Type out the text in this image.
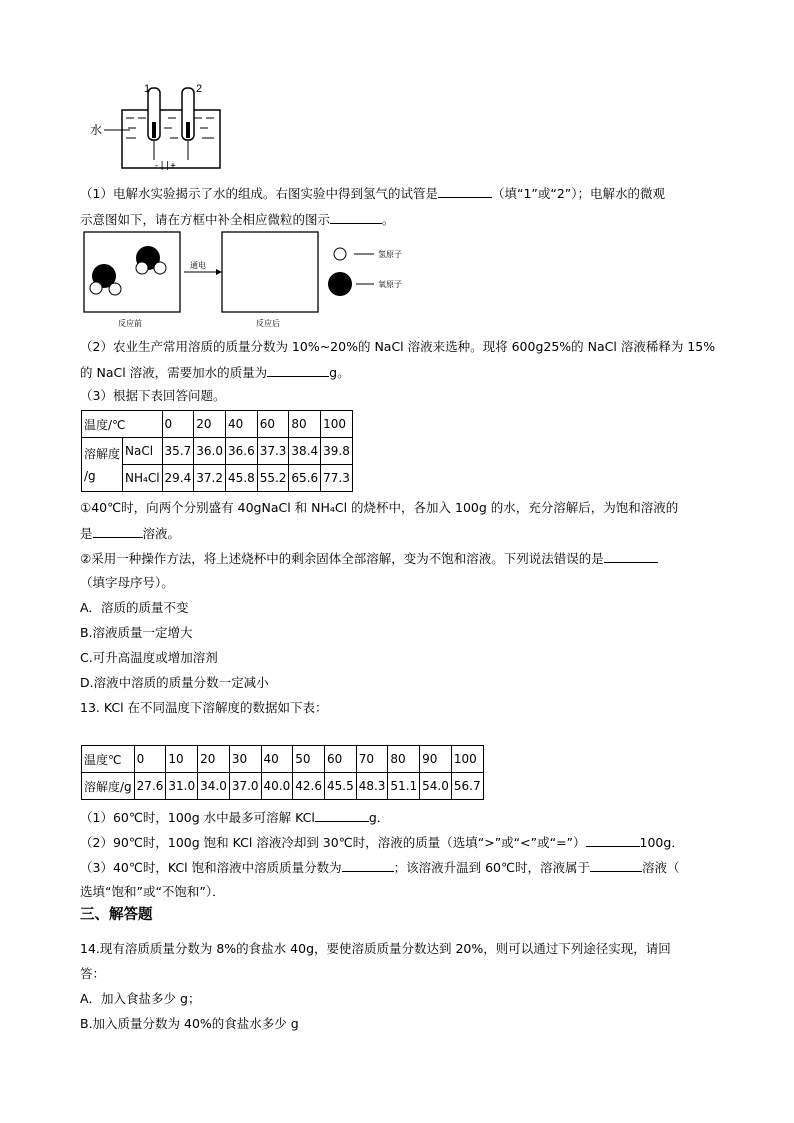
1	2
水
-||+
（1）电解水实验揭示了水的组成。右图实验中得到氢气的试管是	（填“1”或“2”）；电解水的微观
示意图如下，请在方框中补全相应微粒的图示	。
通电
反应前	反应后
氢原子
氧原子
（2）农业生产常用溶质的质量分数为 10%~20%的 NaCl 溶液来选种。现将 600g25%的 NaCl 溶液稀释为 15%
的 NaCl 溶液，需要加水的质量为	g。
（3）根据下表回答问题。
温度/℃		0	20	40	60	80	100
溶解度
/g	NaCl	35.7	36.0	36.6	37.3	38.4	39.8
	NH₄Cl	29.4	37.2	45.8	55.2	65.6	77.3
①40℃时，向两个分别盛有 40gNaCl 和 NH₄Cl 的烧杯中，各加入 100g 的水，充分溶解后，为饱和溶液的
是	溶液。
②采用一种操作方法，将上述烧杯中的剩余固体全部溶解，变为不饱和溶液。下列说法错误的是
（填字母序号）。
A．溶质的质量不变
B.溶液质量一定增大
C.可升高温度或增加溶剂
D.溶液中溶质的质量分数一定减小
13. KCl 在不同温度下溶解度的数据如下表：
温度℃	0	10	20	30	40	50	60	70	80	90	100
溶解度/g	27.6	31.0	34.0	37.0	40.0	42.6	45.5	48.3	51.1	54.0	56.7
（1）60℃时，100g 水中最多可溶解 KCl	g．
（2）90℃时，100g 饱和 KCl 溶液冷却到 30℃时，溶液的质量（选填“>”或“<”或“=”）	100g．
（3）40℃时，KCl 饱和溶液中溶质质量分数为	；该溶液升温到 60℃时，溶液属于	溶液（
选填“饱和”或“不饱和”）．
三、解答题
14.现有溶质质量分数为 8%的食盐水 40g，要使溶质质量分数达到 20%，则可以通过下列途径实现，请回
答：
A．加入食盐多少 g；
B.加入质量分数为 40%的食盐水多少 g
